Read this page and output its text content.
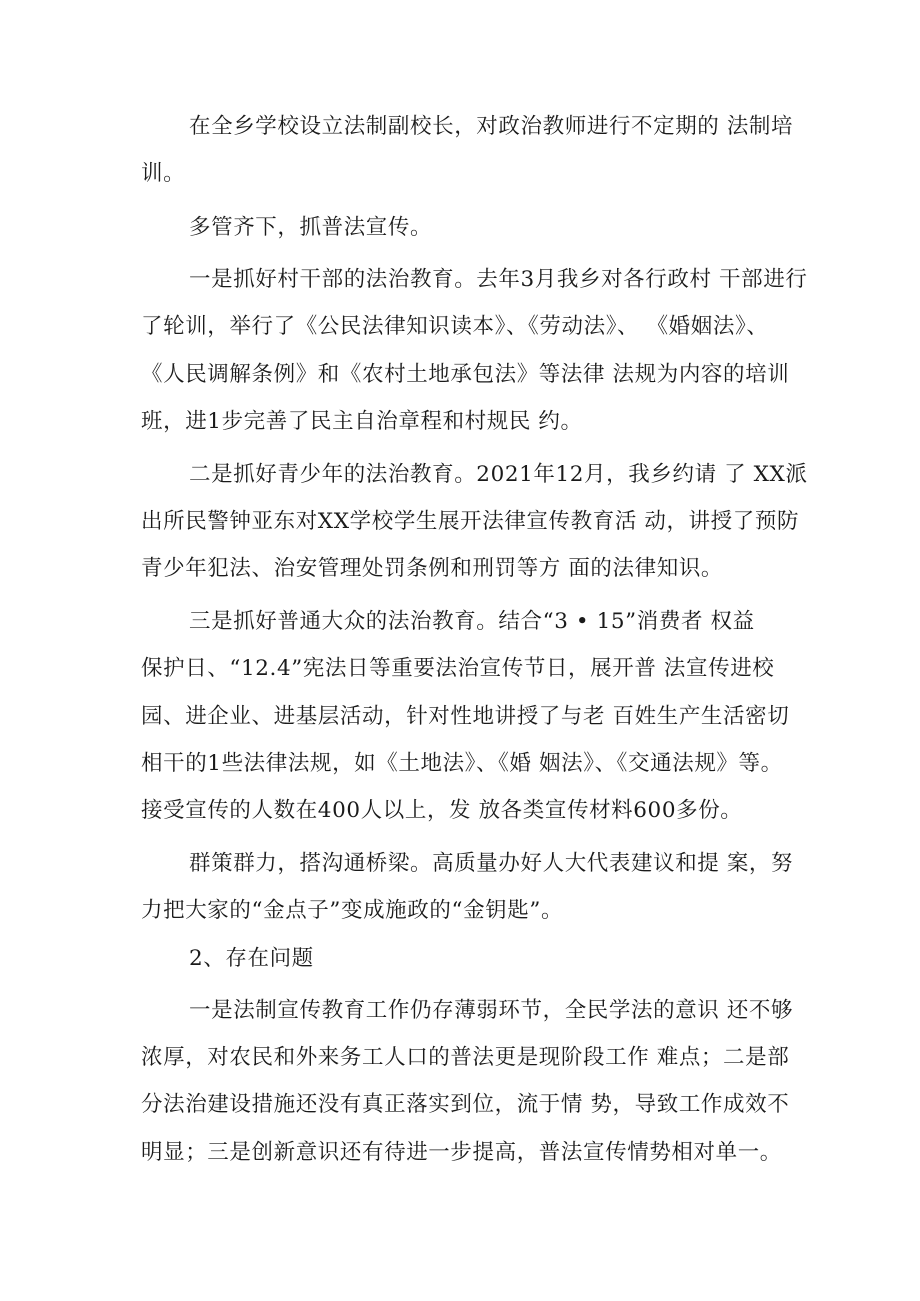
在全乡学校设立法制副校长，对政治教师进行不定期的 法制培
训。
多管齐下，抓普法宣传。
一是抓好村干部的法治教育。去年3月我乡对各行政村 干部进行
了轮训，举行了《公民法律知识读本》、《劳动法》、 《婚姻法》、
《人民调解条例》和《农村土地承包法》等法律 法规为内容的培训
班，进1步完善了民主自治章程和村规民 约。
二是抓好青少年的法治教育。2021年12月，我乡约请 了 XX派
出所民警钟亚东对XX学校学生展开法律宣传教育活 动，讲授了预防
青少年犯法、治安管理处罚条例和刑罚等方 面的法律知识。
三是抓好普通大众的法治教育。结合“3 • 15”消费者 权益
保护日、“12.4”宪法日等重要法治宣传节日，展开普 法宣传进校
园、进企业、进基层活动，针对性地讲授了与老 百姓生产生活密切
相干的1些法律法规，如《土地法》、《婚 姻法》、《交通法规》等。
接受宣传的人数在400人以上，发 放各类宣传材料600多份。
群策群力，搭沟通桥梁。高质量办好人大代表建议和提 案，努
力把大家的“金点子”变成施政的“金钥匙”。
2、存在问题
一是法制宣传教育工作仍存薄弱环节，全民学法的意识 还不够
浓厚，对农民和外来务工人口的普法更是现阶段工作 难点；二是部
分法治建设措施还没有真正落实到位，流于情 势，导致工作成效不
明显；三是创新意识还有待进一步提高，普法宣传情势相对单一。
